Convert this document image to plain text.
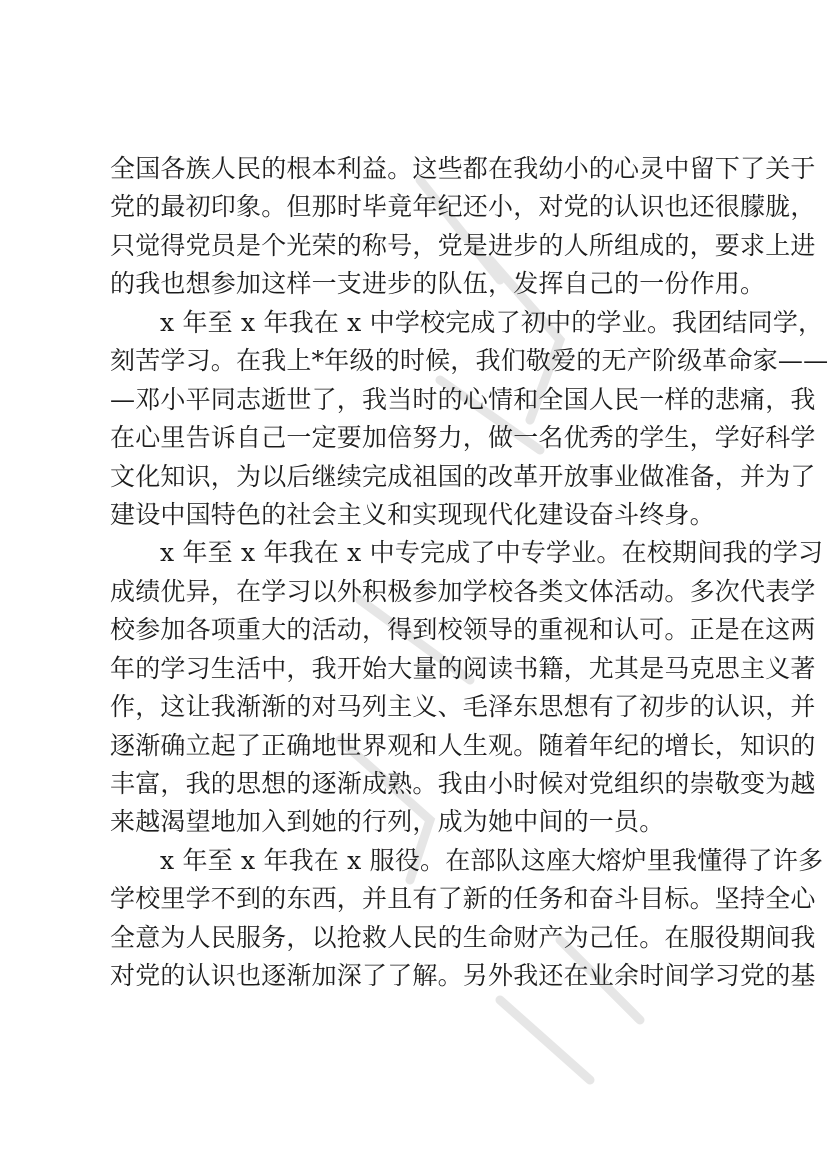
全国各族人民的根本利益。这些都在我幼小的心灵中留下了关于
党的最初印象。但那时毕竟年纪还小，对党的认识也还很朦胧，
只觉得党员是个光荣的称号，党是进步的人所组成的，要求上进
的我也想参加这样一支进步的队伍，发挥自己的一份作用。
x 年至 x 年我在 x 中学校完成了初中的学业。我团结同学，
刻苦学习。在我上*年级的时候，我们敬爱的无产阶级革命家——
—邓小平同志逝世了，我当时的心情和全国人民一样的悲痛，我
在心里告诉自己一定要加倍努力，做一名优秀的学生，学好科学
文化知识，为以后继续完成祖国的改革开放事业做准备，并为了
建设中国特色的社会主义和实现现代化建设奋斗终身。
x 年至 x 年我在 x 中专完成了中专学业。在校期间我的学习
成绩优异，在学习以外积极参加学校各类文体活动。多次代表学
校参加各项重大的活动，得到校领导的重视和认可。正是在这两
年的学习生活中，我开始大量的阅读书籍，尤其是马克思主义著
作，这让我渐渐的对马列主义、毛泽东思想有了初步的认识，并
逐渐确立起了正确地世界观和人生观。随着年纪的增长，知识的
丰富，我的思想的逐渐成熟。我由小时候对党组织的崇敬变为越
来越渴望地加入到她的行列，成为她中间的一员。
x 年至 x 年我在 x 服役。在部队这座大熔炉里我懂得了许多
学校里学不到的东西，并且有了新的任务和奋斗目标。坚持全心
全意为人民服务，以抢救人民的生命财产为己任。在服役期间我
对党的认识也逐渐加深了了解。另外我还在业余时间学习党的基
